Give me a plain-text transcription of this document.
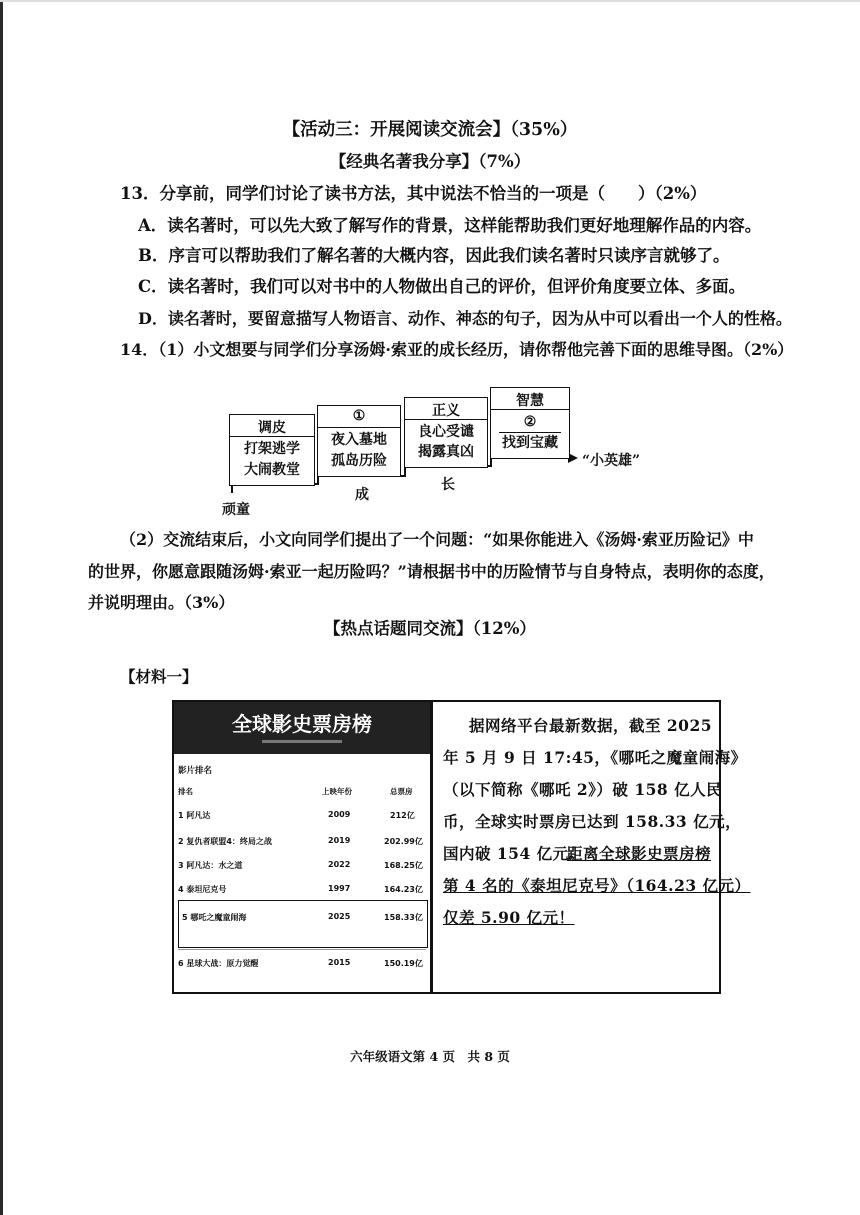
【活动三：开展阅读交流会】（35%）
【经典名著我分享】（7%）
13．分享前，同学们讨论了读书方法，其中说法不恰当的一项是（　　）（2%）
A．读名著时，可以先大致了解写作的背景，这样能帮助我们更好地理解作品的内容。
B．序言可以帮助我们了解名著的大概内容，因此我们读名著时只读序言就够了。
C．读名著时，我们可以对书中的人物做出自己的评价，但评价角度要立体、多面。
D．读名著时，要留意描写人物语言、动作、神态的句子，因为从中可以看出一个人的性格。
14．（1）小文想要与同学们分享汤姆·索亚的成长经历，请你帮他完善下面的思维导图。（2%）
调皮
打架逃学
大闹教堂
①
夜入墓地
孤岛历险
正义
良心受谴
揭露真凶
智慧
②
找到宝藏
顽童
成
长
“小英雄”
（2）交流结束后，小文向同学们提出了一个问题：“如果你能进入《汤姆·索亚历险记》中
的世界，你愿意跟随汤姆·索亚一起历险吗？”请根据书中的历险情节与自身特点，表明你的态度，
并说明理由。（3%）
【热点话题同交流】（12%）
【材料一】
全球影史票房榜
影片排名
排名	上映年份	总票房
1 阿凡达	2009	212亿
2 复仇者联盟4：终局之战	2019	202.99亿
3 阿凡达：水之道	2022	168.25亿
4 泰坦尼克号	1997	164.23亿
5 哪吒之魔童闹海	2025	158.33亿
6 星球大战：原力觉醒	2015	150.19亿
据网络平台最新数据，截至 2025
年 5 月 9 日 17:45，《哪吒之魔童闹海》
（以下简称《哪吒 2》）破 158 亿人民
币，全球实时票房已达到 158.33 亿元，
国内破 154 亿元。
距离全球影史票房榜
第 4 名的《泰坦尼克号》（164.23 亿元）
仅差 5.90 亿元！
六年级语文第 4 页　共 8 页
